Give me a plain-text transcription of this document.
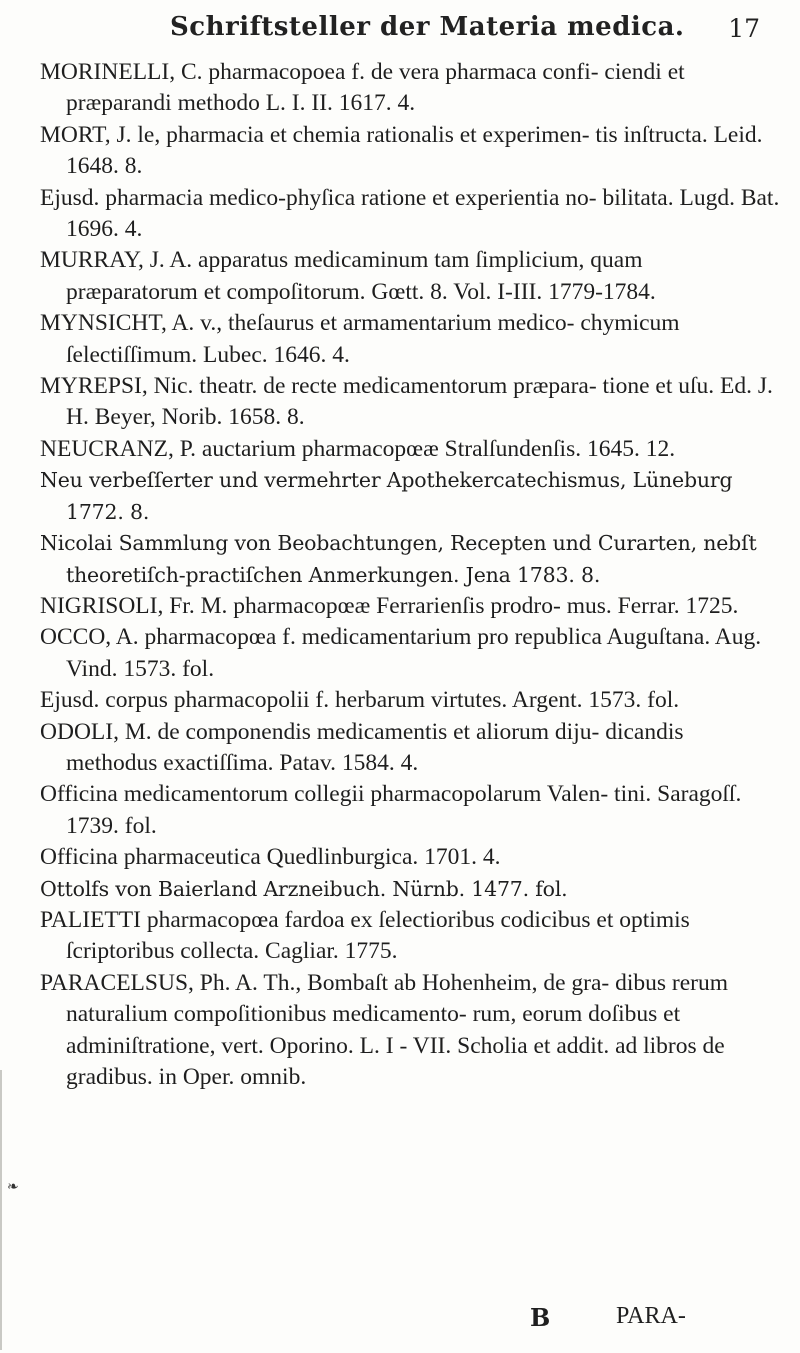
Schriftsteller der Materia medica. 17

MORINELLI, C. pharmacopoea f. de vera pharmaca confi- ciendi et præparandi methodo L. I. II. 1617. 4.

MORT, J. le, pharmacia et chemia rationalis et experimen- tis inſtructa. Leid. 1648. 8.

Ejusd. pharmacia medico-phyſica ratione et experientia no- bilitata. Lugd. Bat. 1696. 4.

MURRAY, J. A. apparatus medicaminum tam ſimplicium, quam præparatorum et compoſitorum. Gœtt. 8. Vol. I-III. 1779-1784.

MYNSICHT, A. v., theſaurus et armamentarium medico- chymicum ſelectiſſimum. Lubec. 1646. 4.

MYREPSI, Nic. theatr. de recte medicamentorum præpara- tione et uſu. Ed. J. H. Beyer, Norib. 1658. 8.

NEUCRANZ, P. auctarium pharmacopœæ Stralſundenſis. 1645. 12.

Neu verbeſſerter und vermehrter Apothekercatechismus, Lüneburg 1772. 8.

Nicolai Sammlung von Beobachtungen, Recepten und Curarten, nebſt theoretiſch-practiſchen Anmerkungen. Jena 1783. 8.

NIGRISOLI, Fr. M. pharmacopœæ Ferrarienſis prodro- mus. Ferrar. 1725.

OCCO, A. pharmacopœa f. medicamentarium pro republica Auguſtana. Aug. Vind. 1573. fol.

Ejusd. corpus pharmacopolii f. herbarum virtutes. Argent. 1573. fol.

ODOLI, M. de componendis medicamentis et aliorum diju- dicandis methodus exactiſſima. Patav. 1584. 4.

Officina medicamentorum collegii pharmacopolarum Valen- tini. Saragoſſ. 1739. fol.

Officina pharmaceutica Quedlinburgica. 1701. 4.

Ottolfs von Baierland Arzneibuch. Nürnb. 1477. fol.

PALIETTI pharmacopœa fardoa ex ſelectioribus codicibus et optimis ſcriptoribus collecta. Cagliar. 1775.

PARACELSUS, Ph. A. Th., Bombaſt ab Hohenheim, de gra- dibus rerum naturalium compoſitionibus medicamento- rum, eorum doſibus et adminiſtratione, vert. Oporino. L. I - VII. Scholia et addit. ad libros de gradibus. in Oper. omnib.

❧
B	PARA-
